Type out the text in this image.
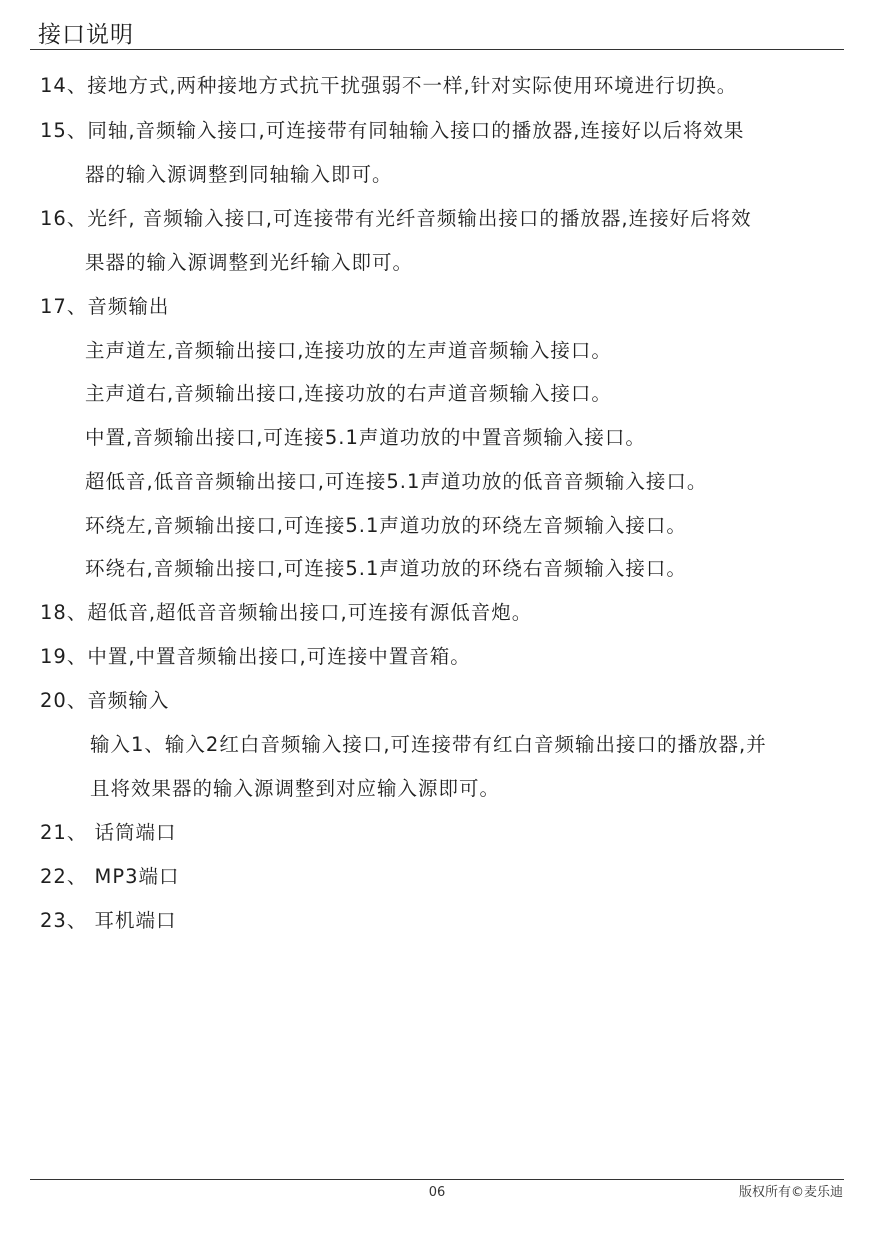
接口说明
14、接地方式,两种接地方式抗干扰强弱不一样,针对实际使用环境进行切换。
15、同轴,音频输入接口,可连接带有同轴输入接口的播放器,连接好以后将效果
器的输入源调整到同轴输入即可。
16、光纤, 音频输入接口,可连接带有光纤音频输出接口的播放器,连接好后将效
果器的输入源调整到光纤输入即可。
17、音频输出
主声道左,音频输出接口,连接功放的左声道音频输入接口。
主声道右,音频输出接口,连接功放的右声道音频输入接口。
中置,音频输出接口,可连接5.1声道功放的中置音频输入接口。
超低音,低音音频输出接口,可连接5.1声道功放的低音音频输入接口。
环绕左,音频输出接口,可连接5.1声道功放的环绕左音频输入接口。
环绕右,音频输出接口,可连接5.1声道功放的环绕右音频输入接口。
18、超低音,超低音音频输出接口,可连接有源低音炮。
19、中置,中置音频输出接口,可连接中置音箱。
20、音频输入
输入1、输入2红白音频输入接口,可连接带有红白音频输出接口的播放器,并
且将效果器的输入源调整到对应输入源即可。
21、 话筒端口
22、 MP3端口
23、 耳机端口
06	版权所有©麦乐迪
